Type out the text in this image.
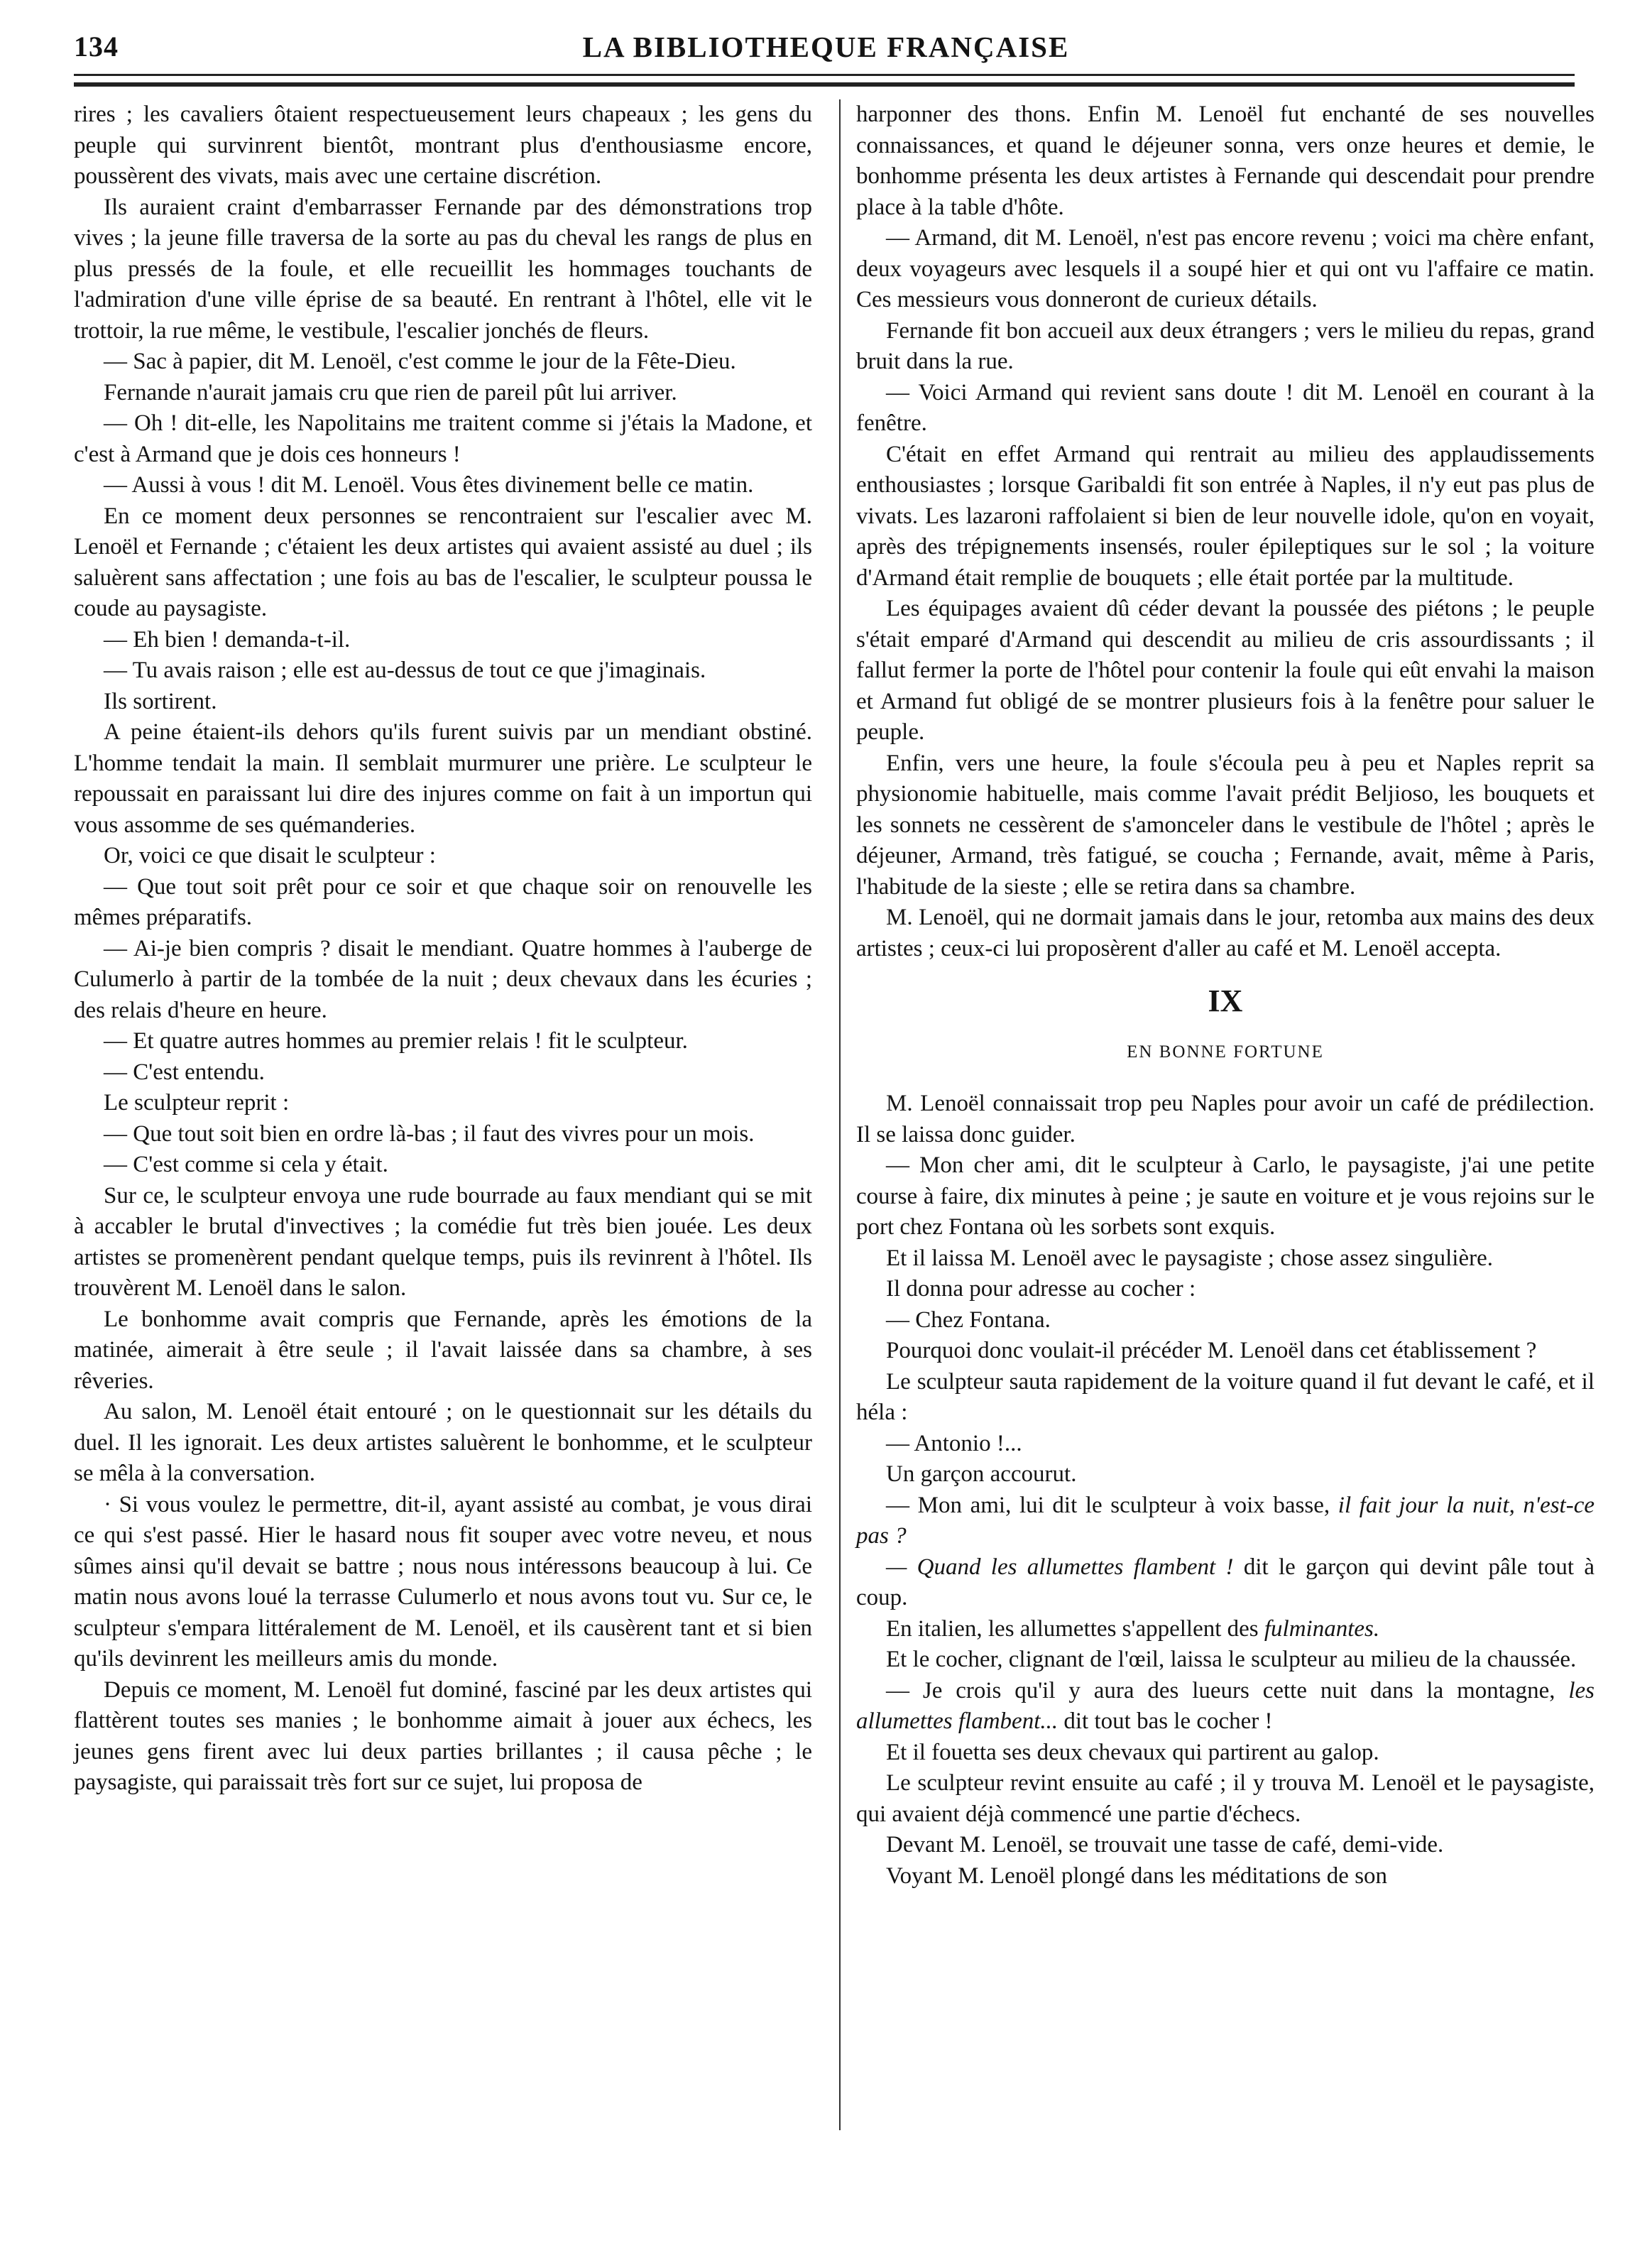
134	LA BIBLIOTHEQUE FRANÇAISE

rires ; les cavaliers ôtaient respectueusement leurs chapeaux ; les gens du peuple qui survinrent bientôt, montrant plus d'enthousiasme encore, poussèrent des vivats, mais avec une certaine discrétion.

Ils auraient craint d'embarrasser Fernande par des démonstrations trop vives ; la jeune fille traversa de la sorte au pas du cheval les rangs de plus en plus pressés de la foule, et elle recueillit les hommages touchants de l'admiration d'une ville éprise de sa beauté. En rentrant à l'hôtel, elle vit le trottoir, la rue même, le vestibule, l'escalier jonchés de fleurs.

— Sac à papier, dit M. Lenoël, c'est comme le jour de la Fête-Dieu.

Fernande n'aurait jamais cru que rien de pareil pût lui arriver.

— Oh ! dit-elle, les Napolitains me traitent comme si j'étais la Madone, et c'est à Armand que je dois ces honneurs !

— Aussi à vous ! dit M. Lenoël. Vous êtes divinement belle ce matin.

En ce moment deux personnes se rencontraient sur l'escalier avec M. Lenoël et Fernande ; c'étaient les deux artistes qui avaient assisté au duel ; ils saluèrent sans affectation ; une fois au bas de l'escalier, le sculpteur poussa le coude au paysagiste.

— Eh bien ! demanda-t-il.

— Tu avais raison ; elle est au-dessus de tout ce que j'imaginais.

Ils sortirent.

A peine étaient-ils dehors qu'ils furent suivis par un mendiant obstiné. L'homme tendait la main. Il semblait murmurer une prière. Le sculpteur le repoussait en paraissant lui dire des injures comme on fait à un importun qui vous assomme de ses quémanderies.

Or, voici ce que disait le sculpteur :

— Que tout soit prêt pour ce soir et que chaque soir on renouvelle les mêmes préparatifs.

— Ai-je bien compris ? disait le mendiant. Quatre hommes à l'auberge de Culumerlo à partir de la tombée de la nuit ; deux chevaux dans les écuries ; des relais d'heure en heure.

— Et quatre autres hommes au premier relais ! fit le sculpteur.

— C'est entendu.

Le sculpteur reprit :

— Que tout soit bien en ordre là-bas ; il faut des vivres pour un mois.

— C'est comme si cela y était.

Sur ce, le sculpteur envoya une rude bourrade au faux mendiant qui se mit à accabler le brutal d'invectives ; la comédie fut très bien jouée. Les deux artistes se promenèrent pendant quelque temps, puis ils revinrent à l'hôtel. Ils trouvèrent M. Lenoël dans le salon.

Le bonhomme avait compris que Fernande, après les émotions de la matinée, aimerait à être seule ; il l'avait laissée dans sa chambre, à ses rêveries.

Au salon, M. Lenoël était entouré ; on le questionnait sur les détails du duel. Il les ignorait. Les deux artistes saluèrent le bonhomme, et le sculpteur se mêla à la conversation.

· Si vous voulez le permettre, dit-il, ayant assisté au combat, je vous dirai ce qui s'est passé. Hier le hasard nous fit souper avec votre neveu, et nous sûmes ainsi qu'il devait se battre ; nous nous intéressons beaucoup à lui. Ce matin nous avons loué la terrasse Culumerlo et nous avons tout vu. Sur ce, le sculpteur s'empara littéralement de M. Lenoël, et ils causèrent tant et si bien qu'ils devinrent les meilleurs amis du monde.

Depuis ce moment, M. Lenoël fut dominé, fasciné par les deux artistes qui flattèrent toutes ses manies ; le bonhomme aimait à jouer aux échecs, les jeunes gens firent avec lui deux parties brillantes ; il causa pêche ; le paysagiste, qui paraissait très fort sur ce sujet, lui proposa de

harponner des thons. Enfin M. Lenoël fut enchanté de ses nouvelles connaissances, et quand le déjeuner sonna, vers onze heures et demie, le bonhomme présenta les deux artistes à Fernande qui descendait pour prendre place à la table d'hôte.

— Armand, dit M. Lenoël, n'est pas encore revenu ; voici ma chère enfant, deux voyageurs avec lesquels il a soupé hier et qui ont vu l'affaire ce matin. Ces messieurs vous donneront de curieux détails.

Fernande fit bon accueil aux deux étrangers ; vers le milieu du repas, grand bruit dans la rue.

— Voici Armand qui revient sans doute ! dit M. Lenoël en courant à la fenêtre.

C'était en effet Armand qui rentrait au milieu des applaudissements enthousiastes ; lorsque Garibaldi fit son entrée à Naples, il n'y eut pas plus de vivats. Les lazaroni raffolaient si bien de leur nouvelle idole, qu'on en voyait, après des trépignements insensés, rouler épileptiques sur le sol ; la voiture d'Armand était remplie de bouquets ; elle était portée par la multitude.

Les équipages avaient dû céder devant la poussée des piétons ; le peuple s'était emparé d'Armand qui descendit au milieu de cris assourdissants ; il fallut fermer la porte de l'hôtel pour contenir la foule qui eût envahi la maison et Armand fut obligé de se montrer plusieurs fois à la fenêtre pour saluer le peuple.

Enfin, vers une heure, la foule s'écoula peu à peu et Naples reprit sa physionomie habituelle, mais comme l'avait prédit Beljioso, les bouquets et les sonnets ne cessèrent de s'amonceler dans le vestibule de l'hôtel ; après le déjeuner, Armand, très fatigué, se coucha ; Fernande, avait, même à Paris, l'habitude de la sieste ; elle se retira dans sa chambre.

M. Lenoël, qui ne dormait jamais dans le jour, retomba aux mains des deux artistes ; ceux-ci lui proposèrent d'aller au café et M. Lenoël accepta.

IX
EN BONNE FORTUNE

M. Lenoël connaissait trop peu Naples pour avoir un café de prédilection. Il se laissa donc guider.

— Mon cher ami, dit le sculpteur à Carlo, le paysagiste, j'ai une petite course à faire, dix minutes à peine ; je saute en voiture et je vous rejoins sur le port chez Fontana où les sorbets sont exquis.

Et il laissa M. Lenoël avec le paysagiste ; chose assez singulière.

Il donna pour adresse au cocher :

— Chez Fontana.

Pourquoi donc voulait-il précéder M. Lenoël dans cet établissement ?

Le sculpteur sauta rapidement de la voiture quand il fut devant le café, et il héla :

— Antonio !...

Un garçon accourut.

— Mon ami, lui dit le sculpteur à voix basse, il fait jour la nuit, n'est-ce pas ?

— Quand les allumettes flambent ! dit le garçon qui devint pâle tout à coup.

En italien, les allumettes s'appellent des fulminantes.

Et le cocher, clignant de l'œil, laissa le sculpteur au milieu de la chaussée.

— Je crois qu'il y aura des lueurs cette nuit dans la montagne, les allumettes flambent... dit tout bas le cocher !

Et il fouetta ses deux chevaux qui partirent au galop.

Le sculpteur revint ensuite au café ; il y trouva M. Lenoël et le paysagiste, qui avaient déjà commencé une partie d'échecs.

Devant M. Lenoël, se trouvait une tasse de café, demi-vide.

Voyant M. Lenoël plongé dans les méditations de son
